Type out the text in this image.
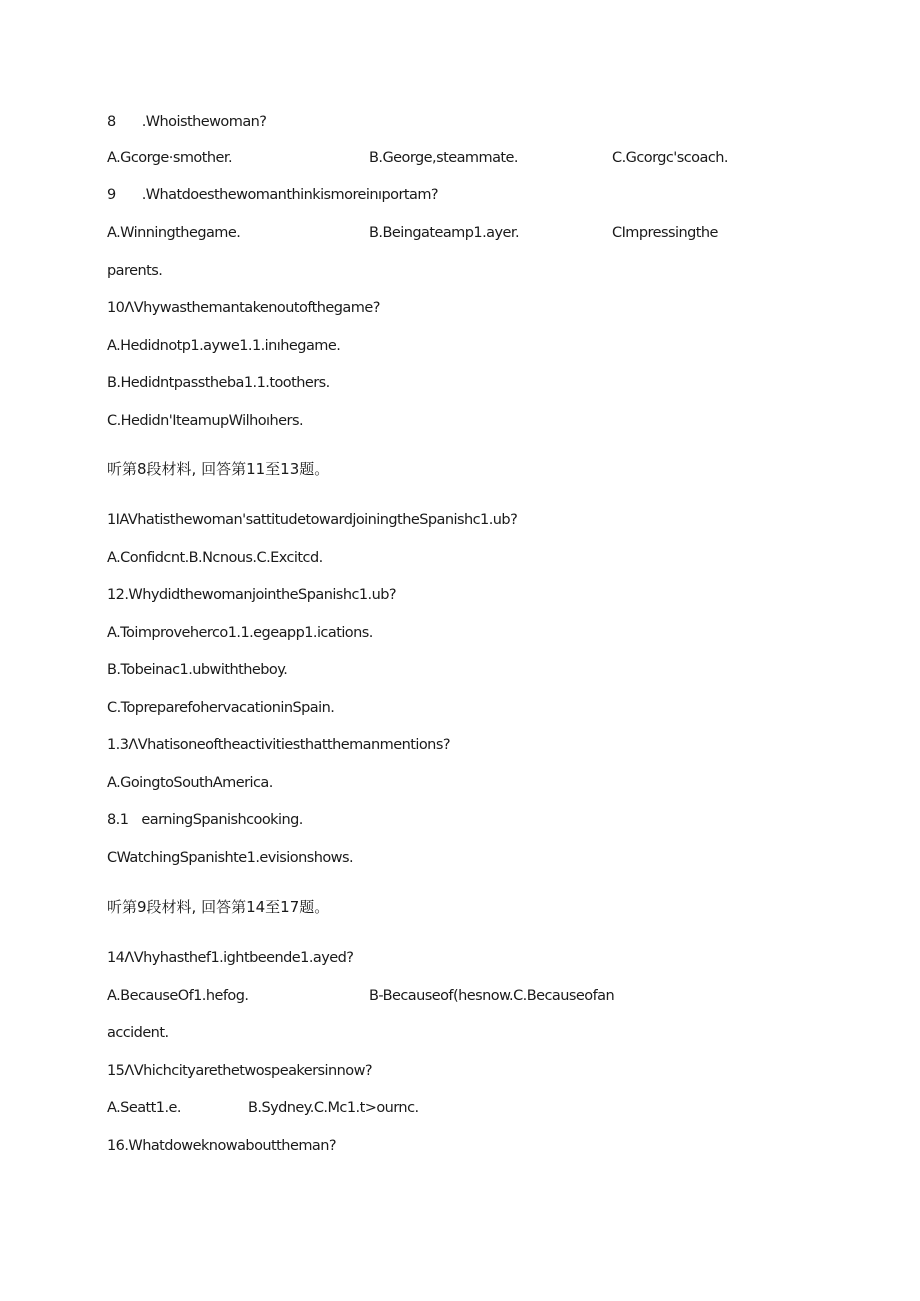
8 .Whoisthewoman?
A.Gcorge·smother.	B.George,steammate.	C.Gcorgc'scoach.
9 .Whatdoesthewomanthinkismoreinıportam?
A.Winningthegame.	B.Beingateamp1.ayer.	CImpressingthe
parents.
10ΛVhywasthemantakenoutofthegame?
A.Hedidnotp1.aywe1.1.inıhegame.
B.Hedidntpasstheba1.1.toothers.
C.Hedidn'IteamupWilhoıhers.
听第8段材料, 回答第11至13题。
1IAVhatisthewoman'sattitudetowardjoiningtheSpanishc1.ub?
A.Confidcnt.B.Ncnous.C.Excitcd.
12.WhydidthewomanjointheSpanishc1.ub?
A.Toimproveherco1.1.egeapp1.ications.
B.Tobeinac1.ubwiththeboy.
C.TopreparefohervacationinSpain.
1.3ΛVhatisoneoftheactivitiesthatthemanmentions?
A.GoingtoSouthAmerica.
8.1 earningSpanishcooking.
CWatchingSpanishte1.evisionshows.
听第9段材料, 回答第14至17题。
14ΛVhyhasthef1.ightbeende1.ayed?
A.BecauseOf1.hefog.	B-Becauseof(hesnow.C.Becauseofan
accident.
15ΛVhichcityarethetwospeakersinnow?
A.Seatt1.e.	B.Sydney.C.Mc1.t>ournc.
16.Whatdoweknowabouttheman?
